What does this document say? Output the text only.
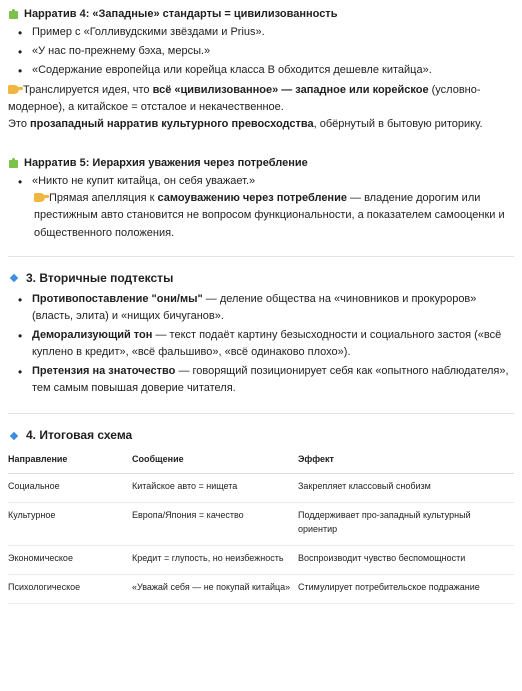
Нарратив 4: «Западные» стандарты = цивилизованность
• Пример с «Голливудскими звёздами и Prius».
• «У нас по-прежнему бэха, мерсы.»
• «Содержание европейца или корейца класса B обходится дешевле китайца».

Транслируется идея, что всё «цивилизованное» — западное или корейское (условно-модерное), а китайское = отсталое и некачественное.

Это прозападный нарратив культурного превосходства, обёрнутый в бытовую риторику.

Нарратив 5: Иерархия уважения через потребление
• «Никто не купит китайца, он себя уважает.»

Прямая апелляция к самоуважению через потребление — владение дорогим или престижным авто становится не вопросом функциональности, а показателем самооценки и общественного положения.
3. Вторичные подтексты
• Противопоставление "они/мы" — деление общества на «чиновников и прокуроров» (власть, элита) и «нищих бичуганов».
• Деморализующий тон — текст подаёт картину безысходности и социального застоя («всё куплено в кредит», «всё фальшиво», «всё одинаково плохо»).
• Претензия на знаточество — говорящий позиционирует себя как «опытного наблюдателя», тем самым повышая доверие читателя.
4. Итоговая схема
Направление	Сообщение	Эффект
Социальное	Китайское авто = нищета	Закрепляет классовый снобизм
Культурное	Европа/Япония = качество	Поддерживает про-западный культурный ориентир
Экономическое	Кредит = глупость, но неизбежность	Воспроизводит чувство беспомощности
Психологическое	«Уважай себя — не покупай китайца»	Стимулирует потребительское подражание
